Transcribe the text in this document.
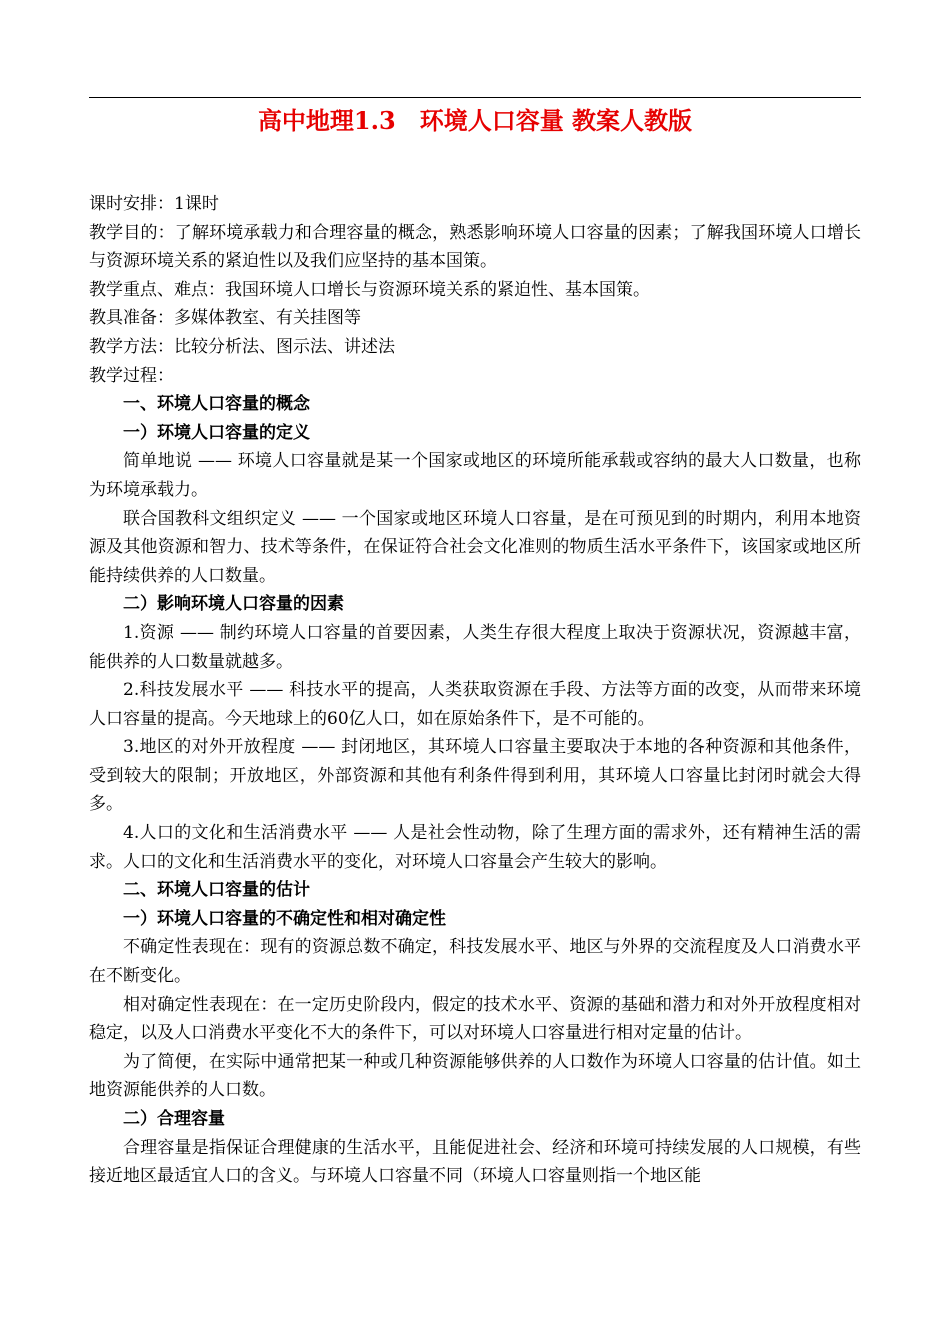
高中地理1.3　环境人口容量 教案人教版

课时安排：1课时

教学目的：了解环境承载力和合理容量的概念，熟悉影响环境人口容量的因素；了解我国环境人口增长与资源环境关系的紧迫性以及我们应坚持的基本国策。

教学重点、难点：我国环境人口增长与资源环境关系的紧迫性、基本国策。

教具准备：多媒体教室、有关挂图等

教学方法：比较分析法、图示法、讲述法

教学过程：

一、环境人口容量的概念

一）环境人口容量的定义

简单地说 —— 环境人口容量就是某一个国家或地区的环境所能承载或容纳的最大人口数量，也称为环境承载力。

联合国教科文组织定义 —— 一个国家或地区环境人口容量，是在可预见到的时期内，利用本地资源及其他资源和智力、技术等条件，在保证符合社会文化准则的物质生活水平条件下，该国家或地区所能持续供养的人口数量。

二）影响环境人口容量的因素

1.资源 —— 制约环境人口容量的首要因素，人类生存很大程度上取决于资源状况，资源越丰富，能供养的人口数量就越多。

2.科技发展水平 —— 科技水平的提高，人类获取资源在手段、方法等方面的改变，从而带来环境人口容量的提高。今天地球上的60亿人口，如在原始条件下，是不可能的。

3.地区的对外开放程度 —— 封闭地区，其环境人口容量主要取决于本地的各种资源和其他条件，受到较大的限制；开放地区，外部资源和其他有利条件得到利用，其环境人口容量比封闭时就会大得多。

4.人口的文化和生活消费水平 —— 人是社会性动物，除了生理方面的需求外，还有精神生活的需求。人口的文化和生活消费水平的变化，对环境人口容量会产生较大的影响。

二、环境人口容量的估计

一）环境人口容量的不确定性和相对确定性

不确定性表现在：现有的资源总数不确定，科技发展水平、地区与外界的交流程度及人口消费水平在不断变化。

相对确定性表现在：在一定历史阶段内，假定的技术水平、资源的基础和潜力和对外开放程度相对稳定，以及人口消费水平变化不大的条件下，可以对环境人口容量进行相对定量的估计。

为了简便，在实际中通常把某一种或几种资源能够供养的人口数作为环境人口容量的估计值。如土地资源能供养的人口数。

二）合理容量

合理容量是指保证合理健康的生活水平，且能促进社会、经济和环境可持续发展的人口规模，有些接近地区最适宜人口的含义。与环境人口容量不同（环境人口容量则指一个地区能
